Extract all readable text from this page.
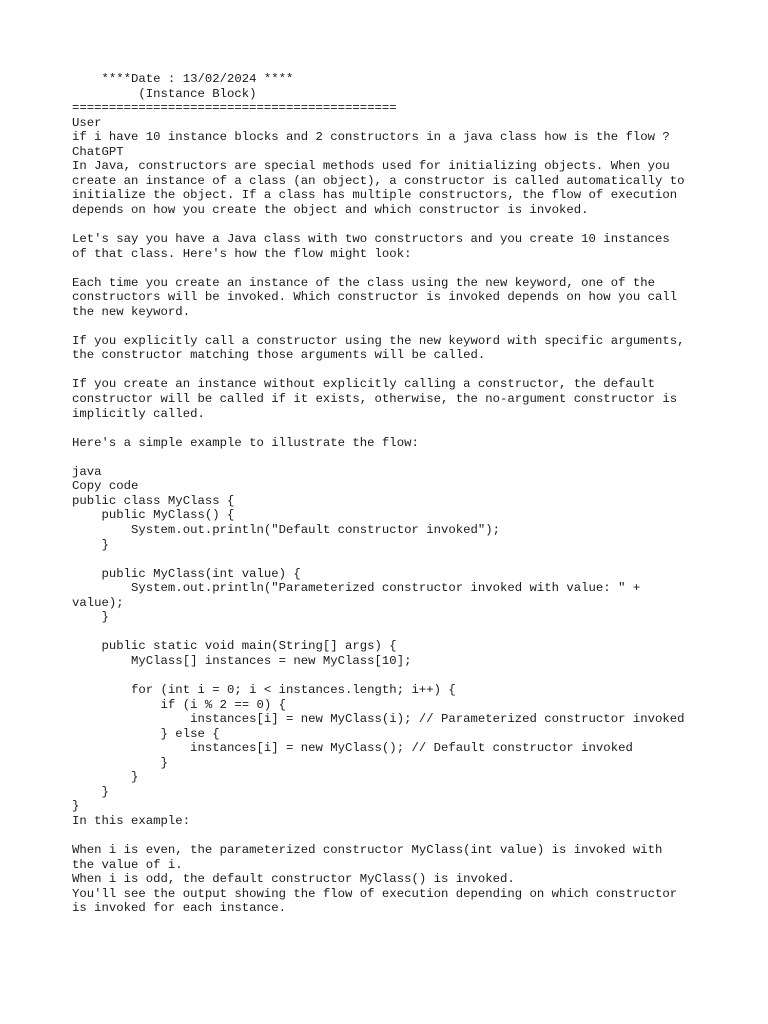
****Date : 13/02/2024 ****
(Instance Block)
============================================
User
if i have 10 instance blocks and 2 constructors in a java class how is the flow ?
ChatGPT
In Java, constructors are special methods used for initializing objects. When you
create an instance of a class (an object), a constructor is called automatically to
initialize the object. If a class has multiple constructors, the flow of execution
depends on how you create the object and which constructor is invoked.
Let's say you have a Java class with two constructors and you create 10 instances
of that class. Here's how the flow might look:
Each time you create an instance of the class using the new keyword, one of the
constructors will be invoked. Which constructor is invoked depends on how you call
the new keyword.
If you explicitly call a constructor using the new keyword with specific arguments,
the constructor matching those arguments will be called.
If you create an instance without explicitly calling a constructor, the default
constructor will be called if it exists, otherwise, the no-argument constructor is
implicitly called.
Here's a simple example to illustrate the flow:
java
Copy code
public class MyClass {
public MyClass() {
System.out.println("Default constructor invoked");
}
public MyClass(int value) {
System.out.println("Parameterized constructor invoked with value: " +
value);
}
public static void main(String[] args) {
MyClass[] instances = new MyClass[10];
for (int i = 0; i < instances.length; i++) {
if (i % 2 == 0) {
instances[i] = new MyClass(i); // Parameterized constructor invoked
} else {
instances[i] = new MyClass(); // Default constructor invoked
}
}
}
}
In this example:
When i is even, the parameterized constructor MyClass(int value) is invoked with
the value of i.
When i is odd, the default constructor MyClass() is invoked.
You'll see the output showing the flow of execution depending on which constructor
is invoked for each instance.
